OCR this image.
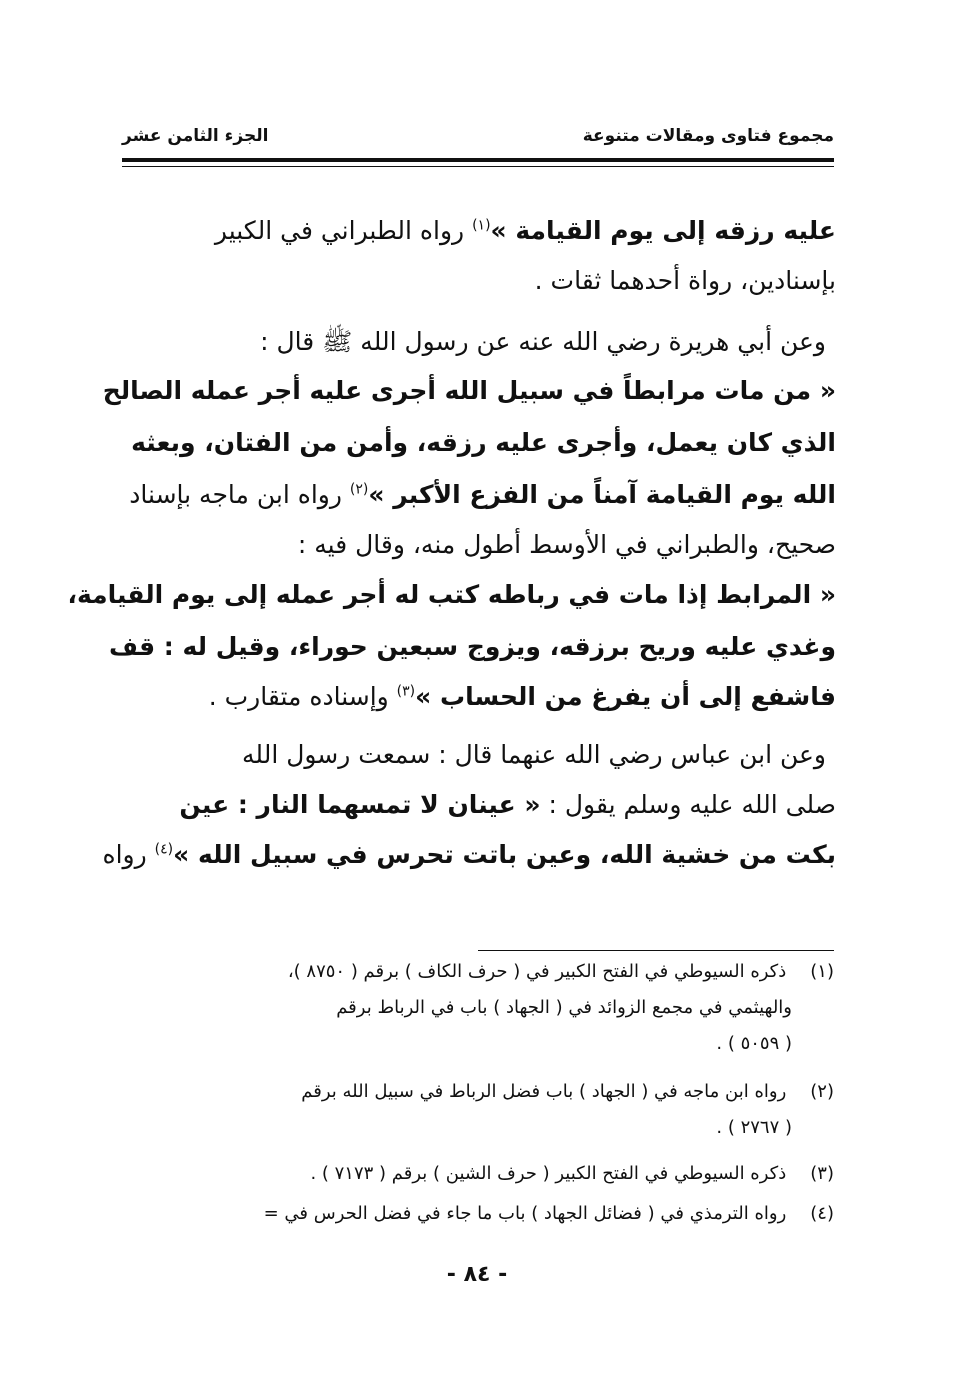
مجموع فتاوى ومقالات متنوعة
الجزء الثامن عشر
عليه رزقه إلى يوم القيامة »$^{(١)}$ رواه الطبراني في الكبير
بإسنادين، رواة أحدهما ثقات .
وعن أبي هريرة رضي الله عنه عن رسول الله ﷺ قال :
« من مات مرابطاً في سبيل الله أجرى عليه أجر عمله الصالح
الذي كان يعمل، وأجرى عليه رزقه، وأمن من الفتان، وبعثه
الله يوم القيامة آمناً من الفزع الأكبر »$^{(٢)}$ رواه ابن ماجه بإسناد
صحيح، والطبراني في الأوسط أطول منه، وقال فيه :
« المرابط إذا مات في رباطه كتب له أجر عمله إلى يوم القيامة،
وغدي عليه وريح برزقه، ويزوج سبعين حوراء، وقيل له : قف
فاشفع إلى أن يفرغ من الحساب »$^{(٣)}$ وإسناده متقارب .
وعن ابن عباس رضي الله عنهما قال : سمعت رسول الله
صلى الله عليه وسلم يقول : « عينان لا تمسهما النار : عين
بكت من خشية الله، وعين باتت تحرس في سبيل الله »$^{(٤)}$ رواه
(١) ذكره السيوطي في الفتح الكبير في ( حرف الكاف ) برقم ( ٨٧٥٠ )،
والهيثمي في مجمع الزوائد في ( الجهاد ) باب في الرباط برقم
( ٥٠٥٩ ) .
(٢) رواه ابن ماجه في ( الجهاد ) باب فضل الرباط في سبيل الله برقم
( ٢٧٦٧ ) .
(٣) ذكره السيوطي في الفتح الكبير ( حرف الشين ) برقم ( ٧١٧٣ ) .
(٤) رواه الترمذي في ( فضائل الجهاد ) باب ما جاء في فضل الحرس في =
- ٨٤ -
